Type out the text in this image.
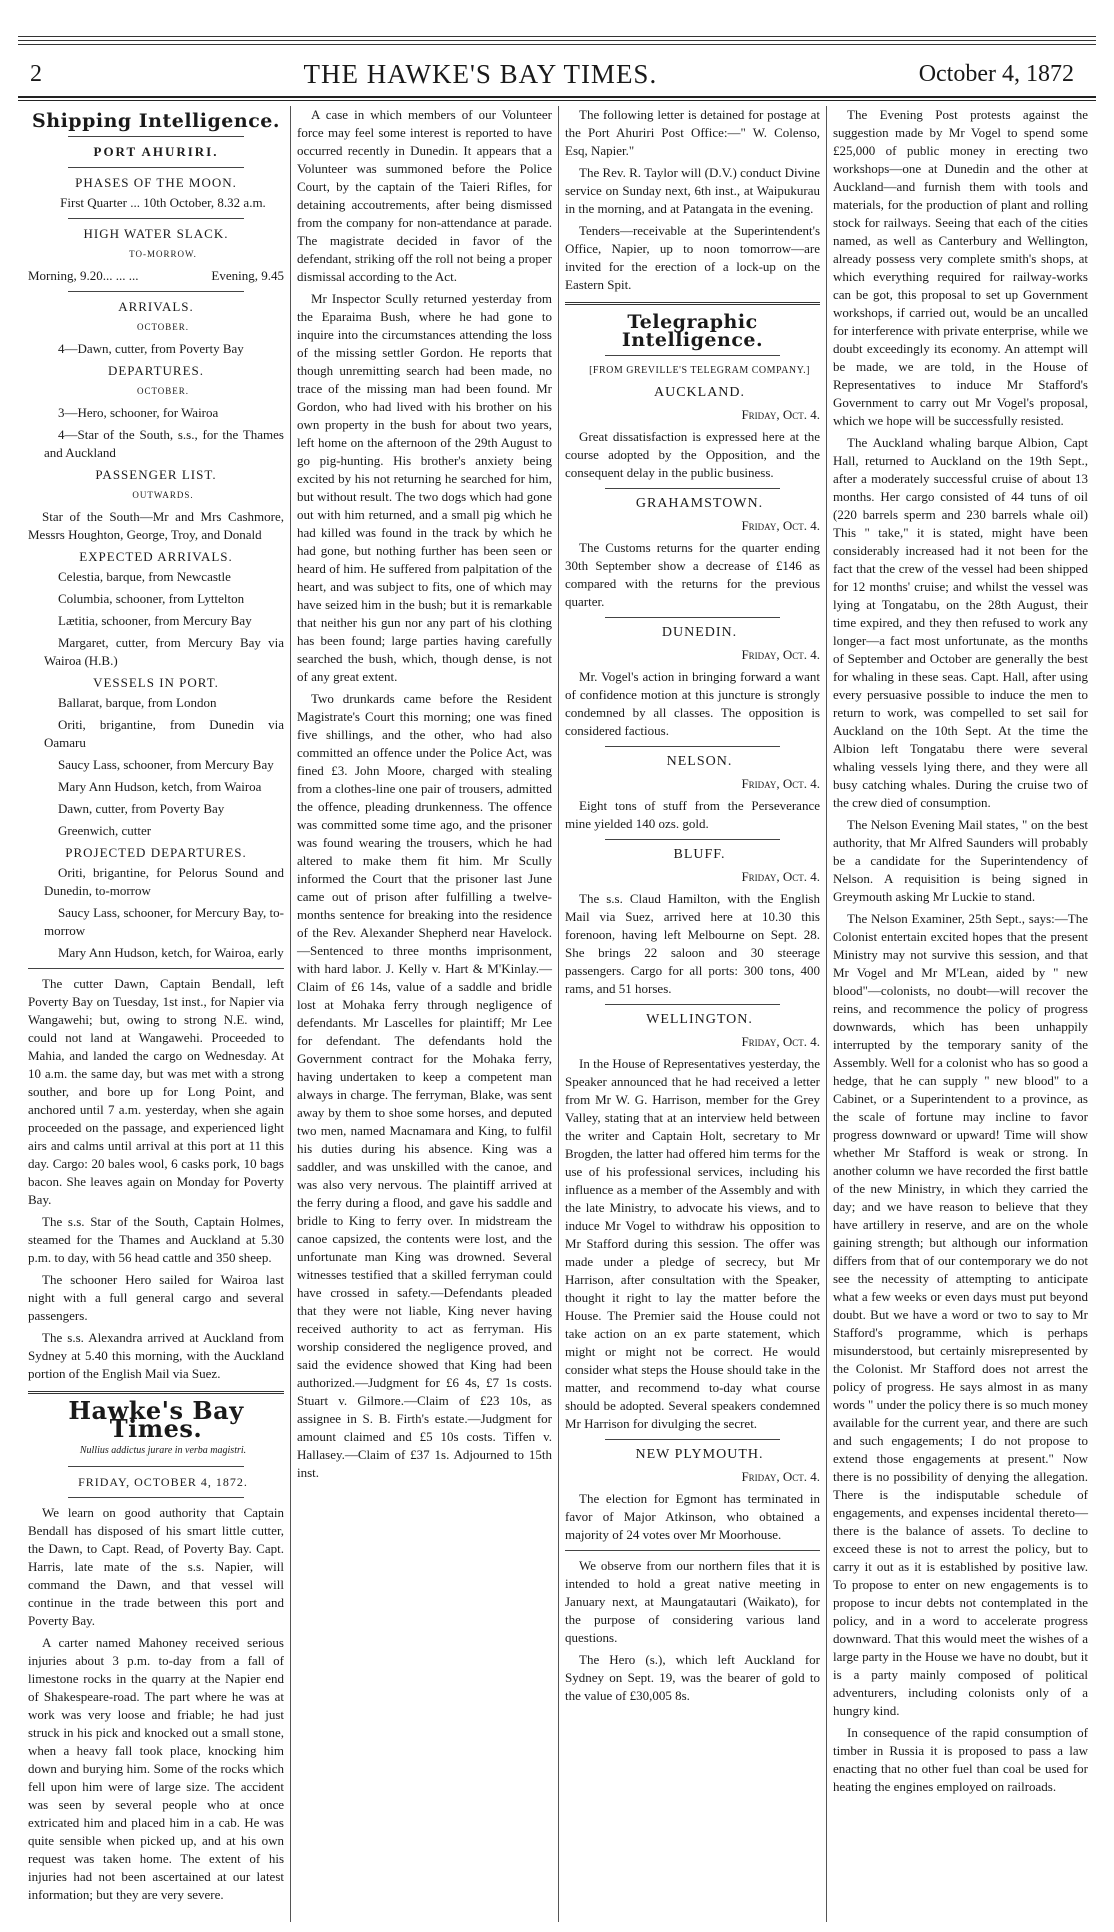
2	THE HAWKE'S BAY TIMES.	October 4, 1872
Shipping Intelligence.
PORT AHURIRI.
PHASES OF THE MOON.

First Quarter ... 10th October, 8.32 a.m.

HIGH WATER SLACK.

TO-MORROW.

Morning, 9.20... ... ...	Evening, 9.45
ARRIVALS.

OCTOBER.

4—Dawn, cutter, from Poverty Bay

DEPARTURES.

OCTOBER.

3—Hero, schooner, for Wairoa

4—Star of the South, s.s., for the Thames and Auckland

PASSENGER LIST.

OUTWARDS.

Star of the South—Mr and Mrs Cashmore, Messrs Houghton, George, Troy, and Donald

EXPECTED ARRIVALS.

Celestia, barque, from Newcastle

Columbia, schooner, from Lyttelton

Lætitia, schooner, from Mercury Bay

Margaret, cutter, from Mercury Bay via Wairoa (H.B.)

VESSELS IN PORT.

Ballarat, barque, from London

Oriti, brigantine, from Dunedin via Oamaru

Saucy Lass, schooner, from Mercury Bay

Mary Ann Hudson, ketch, from Wairoa

Dawn, cutter, from Poverty Bay

Greenwich, cutter

PROJECTED DEPARTURES.

Oriti, brigantine, for Pelorus Sound and Dunedin, to-morrow

Saucy Lass, schooner, for Mercury Bay, to-morrow

Mary Ann Hudson, ketch, for Wairoa, early

The cutter Dawn, Captain Bendall, left Poverty Bay on Tuesday, 1st inst., for Napier via Wangawehi; but, owing to strong N.E. wind, could not land at Wangawehi. Proceeded to Mahia, and landed the cargo on Wednesday. At 10 a.m. the same day, but was met with a strong souther, and bore up for Long Point, and anchored until 7 a.m. yesterday, when she again proceeded on the passage, and experienced light airs and calms until arrival at this port at 11 this day. Cargo: 20 bales wool, 6 casks pork, 10 bags bacon. She leaves again on Monday for Poverty Bay.

The s.s. Star of the South, Captain Holmes, steamed for the Thames and Auckland at 5.30 p.m. to day, with 56 head cattle and 350 sheep.

The schooner Hero sailed for Wairoa last night with a full general cargo and several passengers.

The s.s. Alexandra arrived at Auckland from Sydney at 5.40 this morning, with the Auckland portion of the English Mail via Suez.

Hawke's Bay Times.

Nullius addictus jurare in verba magistri.

FRIDAY, OCTOBER 4, 1872.

We learn on good authority that Captain Bendall has disposed of his smart little cutter, the Dawn, to Capt. Read, of Poverty Bay. Capt. Harris, late mate of the s.s. Napier, will command the Dawn, and that vessel will continue in the trade between this port and Poverty Bay.

A carter named Mahoney received serious injuries about 3 p.m. to-day from a fall of limestone rocks in the quarry at the Napier end of Shakespeare-road. The part where he was at work was very loose and friable; he had just struck in his pick and knocked out a small stone, when a heavy fall took place, knocking him down and burying him. Some of the rocks which fell upon him were of large size. The accident was seen by several people who at once extricated him and placed him in a cab. He was quite sensible when picked up, and at his own request was taken home. The extent of his injuries had not been ascertained at our latest information; but they are very severe.

A case in which members of our Volunteer force may feel some interest is reported to have occurred recently in Dunedin. It appears that a Volunteer was summoned before the Police Court, by the captain of the Taieri Rifles, for detaining accoutrements, after being dismissed from the company for non-attendance at parade. The magistrate decided in favor of the defendant, striking off the roll not being a proper dismissal according to the Act.

Mr Inspector Scully returned yesterday from the Eparaima Bush, where he had gone to inquire into the circumstances attending the loss of the missing settler Gordon. He reports that though unremitting search had been made, no trace of the missing man had been found. Mr Gordon, who had lived with his brother on his own property in the bush for about two years, left home on the afternoon of the 29th August to go pig-hunting. His brother's anxiety being excited by his not returning he searched for him, but without result. The two dogs which had gone out with him returned, and a small pig which he had killed was found in the track by which he had gone, but nothing further has been seen or heard of him. He suffered from palpitation of the heart, and was subject to fits, one of which may have seized him in the bush; but it is remarkable that neither his gun nor any part of his clothing has been found; large parties having carefully searched the bush, which, though dense, is not of any great extent.

Two drunkards came before the Resident Magistrate's Court this morning; one was fined five shillings, and the other, who had also committed an offence under the Police Act, was fined £3. John Moore, charged with stealing from a clothes-line one pair of trousers, admitted the offence, pleading drunkenness. The offence was committed some time ago, and the prisoner was found wearing the trousers, which he had altered to make them fit him. Mr Scully informed the Court that the prisoner last June came out of prison after fulfilling a twelve-months sentence for breaking into the residence of the Rev. Alexander Shepherd near Havelock.—Sentenced to three months imprisonment, with hard labor. J. Kelly v. Hart & M'Kinlay.—Claim of £6 14s, value of a saddle and bridle lost at Mohaka ferry through negligence of defendants. Mr Lascelles for plaintiff; Mr Lee for defendant. The defendants hold the Government contract for the Mohaka ferry, having undertaken to keep a competent man always in charge. The ferryman, Blake, was sent away by them to shoe some horses, and deputed two men, named Macnamara and King, to fulfil his duties during his absence. King was a saddler, and was unskilled with the canoe, and was also very nervous. The plaintiff arrived at the ferry during a flood, and gave his saddle and bridle to King to ferry over. In midstream the canoe capsized, the contents were lost, and the unfortunate man King was drowned. Several witnesses testified that a skilled ferryman could have crossed in safety.—Defendants pleaded that they were not liable, King never having received authority to act as ferryman. His worship considered the negligence proved, and said the evidence showed that King had been authorized.—Judgment for £6 4s, £7 1s costs. Stuart v. Gilmore.—Claim of £23 10s, as assignee in S. B. Firth's estate.—Judgment for amount claimed and £5 10s costs. Tiffen v. Hallasey.—Claim of £37 1s. Adjourned to 15th inst.

The following letter is detained for postage at the Port Ahuriri Post Office:—" W. Colenso, Esq, Napier."

The Rev. R. Taylor will (D.V.) conduct Divine service on Sunday next, 6th inst., at Waipukurau in the morning, and at Patangata in the evening.

Tenders—receivable at the Superintendent's Office, Napier, up to noon tomorrow—are invited for the erection of a lock-up on the Eastern Spit.

Telegraphic Intelligence.

[FROM GREVILLE'S TELEGRAM COMPANY.]

AUCKLAND.

Friday, Oct. 4.

Great dissatisfaction is expressed here at the course adopted by the Opposition, and the consequent delay in the public business.

GRAHAMSTOWN.

Friday, Oct. 4.

The Customs returns for the quarter ending 30th September show a decrease of £146 as compared with the returns for the previous quarter.

DUNEDIN.

Friday, Oct. 4.

Mr. Vogel's action in bringing forward a want of confidence motion at this juncture is strongly condemned by all classes. The opposition is considered factious.

NELSON.

Friday, Oct. 4.

Eight tons of stuff from the Perseverance mine yielded 140 ozs. gold.

BLUFF.

Friday, Oct. 4.

The s.s. Claud Hamilton, with the English Mail via Suez, arrived here at 10.30 this forenoon, having left Melbourne on Sept. 28. She brings 22 saloon and 30 steerage passengers. Cargo for all ports: 300 tons, 400 rams, and 51 horses.

WELLINGTON.

Friday, Oct. 4.

In the House of Representatives yesterday, the Speaker announced that he had received a letter from Mr W. G. Harrison, member for the Grey Valley, stating that at an interview held between the writer and Captain Holt, secretary to Mr Brogden, the latter had offered him terms for the use of his professional services, including his influence as a member of the Assembly and with the late Ministry, to advocate his views, and to induce Mr Vogel to withdraw his opposition to Mr Stafford during this session. The offer was made under a pledge of secrecy, but Mr Harrison, after consultation with the Speaker, thought it right to lay the matter before the House. The Premier said the House could not take action on an ex parte statement, which might or might not be correct. He would consider what steps the House should take in the matter, and recommend to-day what course should be adopted. Several speakers condemned Mr Harrison for divulging the secret.

NEW PLYMOUTH.

Friday, Oct. 4.

The election for Egmont has terminated in favor of Major Atkinson, who obtained a majority of 24 votes over Mr Moorhouse.

We observe from our northern files that it is intended to hold a great native meeting in January next, at Maungatautari (Waikato), for the purpose of considering various land questions.

The Hero (s.), which left Auckland for Sydney on Sept. 19, was the bearer of gold to the value of £30,005 8s.

The Evening Post protests against the suggestion made by Mr Vogel to spend some £25,000 of public money in erecting two workshops—one at Dunedin and the other at Auckland—and furnish them with tools and materials, for the production of plant and rolling stock for railways. Seeing that each of the cities named, as well as Canterbury and Wellington, already possess very complete smith's shops, at which everything required for railway-works can be got, this proposal to set up Government workshops, if carried out, would be an uncalled for interference with private enterprise, while we doubt exceedingly its economy. An attempt will be made, we are told, in the House of Representatives to induce Mr Stafford's Government to carry out Mr Vogel's proposal, which we hope will be successfully resisted.

The Auckland whaling barque Albion, Capt Hall, returned to Auckland on the 19th Sept., after a moderately successful cruise of about 13 months. Her cargo consisted of 44 tuns of oil (220 barrels sperm and 230 barrels whale oil) This " take," it is stated, might have been considerably increased had it not been for the fact that the crew of the vessel had been shipped for 12 months' cruise; and whilst the vessel was lying at Tongatabu, on the 28th August, their time expired, and they then refused to work any longer—a fact most unfortunate, as the months of September and October are generally the best for whaling in these seas. Capt. Hall, after using every persuasive possible to induce the men to return to work, was compelled to set sail for Auckland on the 10th Sept. At the time the Albion left Tongatabu there were several whaling vessels lying there, and they were all busy catching whales. During the cruise two of the crew died of consumption.

The Nelson Evening Mail states, " on the best authority, that Mr Alfred Saunders will probably be a candidate for the Superintendency of Nelson. A requisition is being signed in Greymouth asking Mr Luckie to stand.

The Nelson Examiner, 25th Sept., says:—The Colonist entertain excited hopes that the present Ministry may not survive this session, and that Mr Vogel and Mr M'Lean, aided by " new blood"—colonists, no doubt—will recover the reins, and recommence the policy of progress downwards, which has been unhappily interrupted by the temporary sanity of the Assembly. Well for a colonist who has so good a hedge, that he can supply " new blood" to a Cabinet, or a Superintendent to a province, as the scale of fortune may incline to favor progress downward or upward! Time will show whether Mr Stafford is weak or strong. In another column we have recorded the first battle of the new Ministry, in which they carried the day; and we have reason to believe that they have artillery in reserve, and are on the whole gaining strength; but although our information differs from that of our contemporary we do not see the necessity of attempting to anticipate what a few weeks or even days must put beyond doubt. But we have a word or two to say to Mr Stafford's programme, which is perhaps misunderstood, but certainly misrepresented by the Colonist. Mr Stafford does not arrest the policy of progress. He says almost in as many words " under the policy there is so much money available for the current year, and there are such and such engagements; I do not propose to extend those engagements at present." Now there is no possibility of denying the allegation. There is the indisputable schedule of engagements, and expenses incidental thereto—there is the balance of assets. To decline to exceed these is not to arrest the policy, but to carry it out as it is established by positive law. To propose to enter on new engagements is to propose to incur debts not contemplated in the policy, and in a word to accelerate progress downward. That this would meet the wishes of a large party in the House we have no doubt, but it is a party mainly composed of political adventurers, including colonists only of a hungry kind.

In consequence of the rapid consumption of timber in Russia it is proposed to pass a law enacting that no other fuel than coal be used for heating the engines employed on railroads.
